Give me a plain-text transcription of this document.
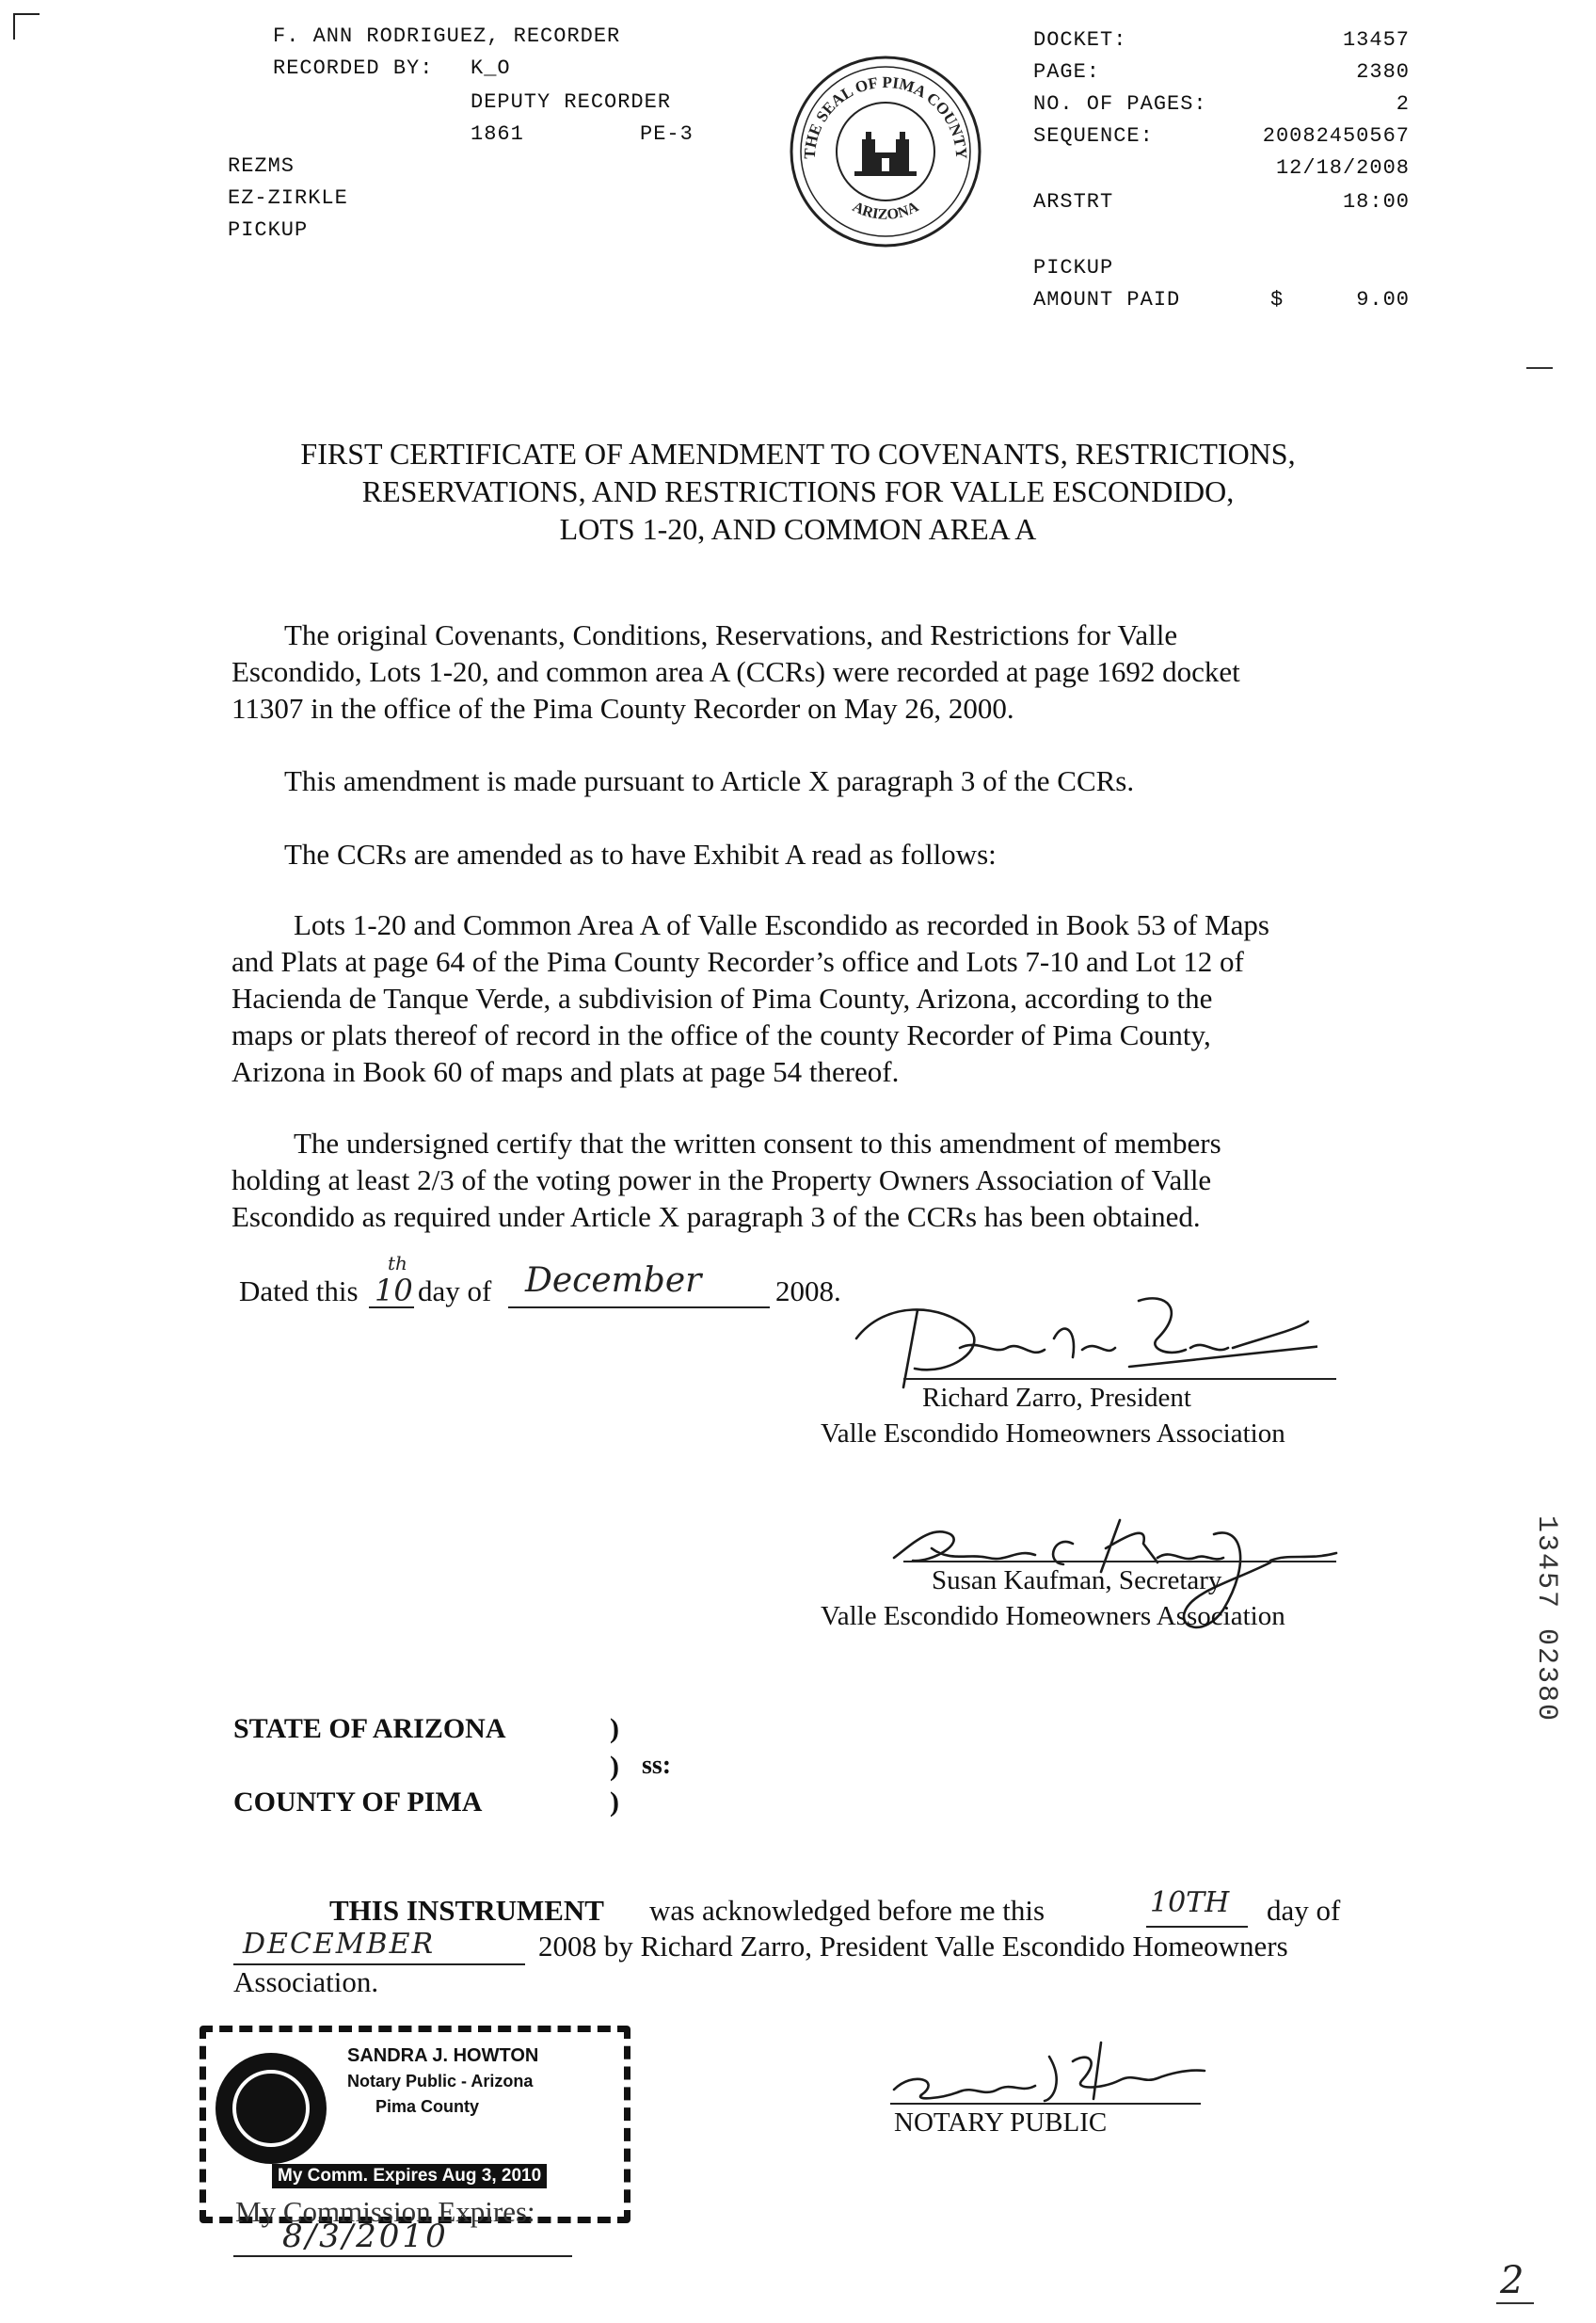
F. ANN RODRIGUEZ, RECORDER
RECORDED BY: K_O
DEPUTY RECORDER
1861	PE-3
REZMS
EZ-ZIRKLE
PICKUP
THE SEAL OF PIMA COUNTY
ARIZONA
DOCKET:	13457
PAGE:	2380
NO. OF PAGES:	2
SEQUENCE:	20082450567
12/18/2008
ARSTRT	18:00
PICKUP
AMOUNT PAID	$	9.00
FIRST CERTIFICATE OF AMENDMENT TO COVENANTS, RESTRICTIONS,
RESERVATIONS, AND RESTRICTIONS FOR VALLE ESCONDIDO,
LOTS 1-20, AND COMMON AREA A
The original Covenants, Conditions, Reservations, and Restrictions for Valle
Escondido, Lots 1-20, and common area A (CCRs) were recorded at page 1692 docket
11307 in the office of the Pima County Recorder on May 26, 2000.
This amendment is made pursuant to Article X paragraph 3 of the CCRs.
The CCRs are amended as to have Exhibit A read as follows:
Lots 1-20 and Common Area A of Valle Escondido as recorded in Book 53 of Maps
and Plats at page 64 of the Pima County Recorder’s office and Lots 7-10 and Lot 12 of
Hacienda de Tanque Verde, a subdivision of Pima County, Arizona, according to the
maps or plats thereof of record in the office of the county Recorder of Pima County,
Arizona in Book 60 of maps and plats at page 54 thereof.
The undersigned certify that the written consent to this amendment of members
holding at least 2/3 of the voting power in the Property Owners Association of Valle
Escondido as required under Article X paragraph 3 of the CCRs has been obtained.
Dated this 10
th
day of December	2008.
Richard Zarro, President
Valle Escondido Homeowners Association
Susan Kaufman, Secretary
Valle Escondido Homeowners Association	13457 02380
STATE OF ARIZONA	)
) ss:
COUNTY OF PIMA	)
THIS INSTRUMENT was acknowledged before me this	10TH day of
DECEMBER	2008 by Richard Zarro, President Valle Escondido Homeowners
Association.
SANDRA J. HOWTON
Notary Public - Arizona
Pima County
My Comm. Expires Aug 3, 2010
My Commission Expires:
8/3/2010
NOTARY PUBLIC
2
